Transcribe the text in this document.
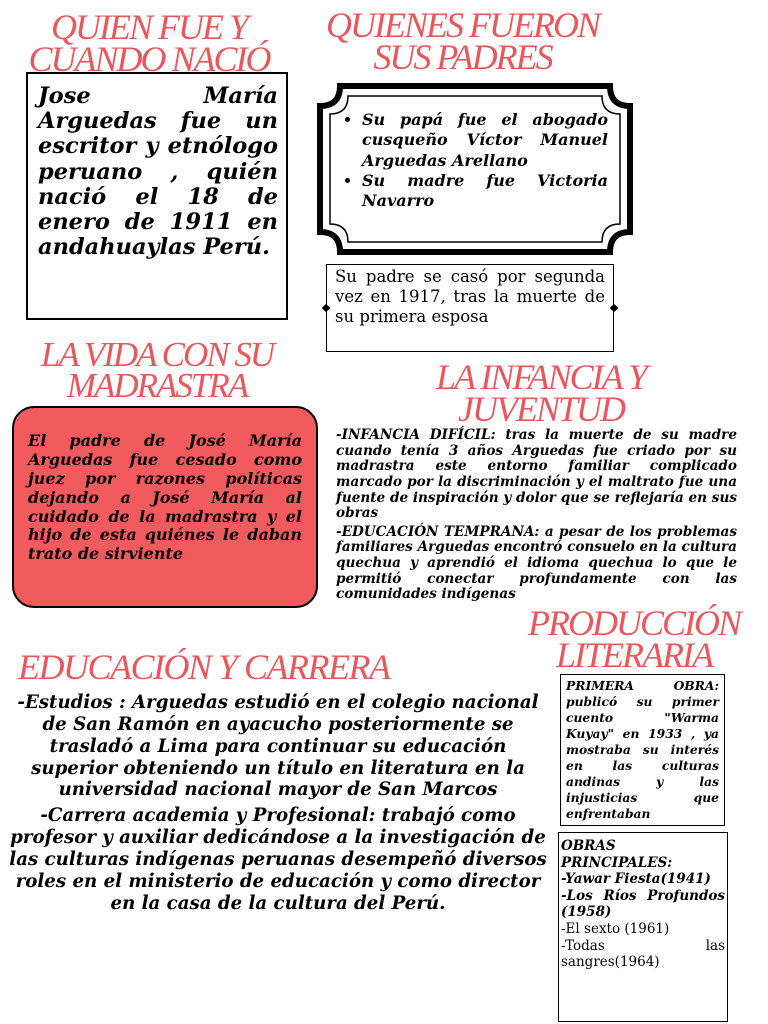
QUIEN FUE Y
CUANDO NACIÓ
Jose María Arguedas fue un escritor y etnólogo peruano , quién nació el 18 de enero de 1911 en andahuaylas Perú.
QUIENES FUERON
SUS PADRES
• Su papá fue el abogado cusqueño Víctor Manuel Arguedas Arellano
• Su madre fue Victoria Navarro
Su padre se casó por segunda vez en 1917, tras la muerte de su primera esposa
LA VIDA CON SU
MADRASTRA
El padre de José María Arguedas fue cesado como juez por razones políticas dejando a José María al cuidado de la madrastra y el hijo de esta quiénes le daban trato de sirviente
LA INFANCIA Y
JUVENTUD

-INFANCIA DIFÍCIL: tras la muerte de su madre cuando tenía 3 años Arguedas fue criado por su madrastra este entorno familiar complicado marcado por la discriminación y el maltrato fue una fuente de inspiración y dolor que se reflejaría en sus obras

-EDUCACIÓN TEMPRANA: a pesar de los problemas familiares Arguedas encontró consuelo en la cultura quechua y aprendió el idioma quechua lo que le permitió conectar profundamente con las comunidades indígenas

PRODUCCIÓN
LITERARIA
PRIMERA OBRA: publicó su primer cuento "Warma Kuyay" en 1933 , ya mostraba su interés en las culturas andinas y las injusticias que enfrentaban
OBRAS
PRINCIPALES:
-Yawar Fiesta(1941)
-Los Ríos Profundos (1958)
-El sexto (1961)
-Todas las sangres(1964)
EDUCACIÓN Y CARRERA

-Estudios : Arguedas estudió en el colegio nacional de San Ramón en ayacucho posteriormente se trasladó a Lima para continuar su educación superior obteniendo un título en literatura en la universidad nacional mayor de San Marcos

-Carrera academia y Profesional: trabajó como profesor y auxiliar dedicándose a la investigación de las culturas indígenas peruanas desempeñó diversos roles en el ministerio de educación y como director en la casa de la cultura del Perú.
